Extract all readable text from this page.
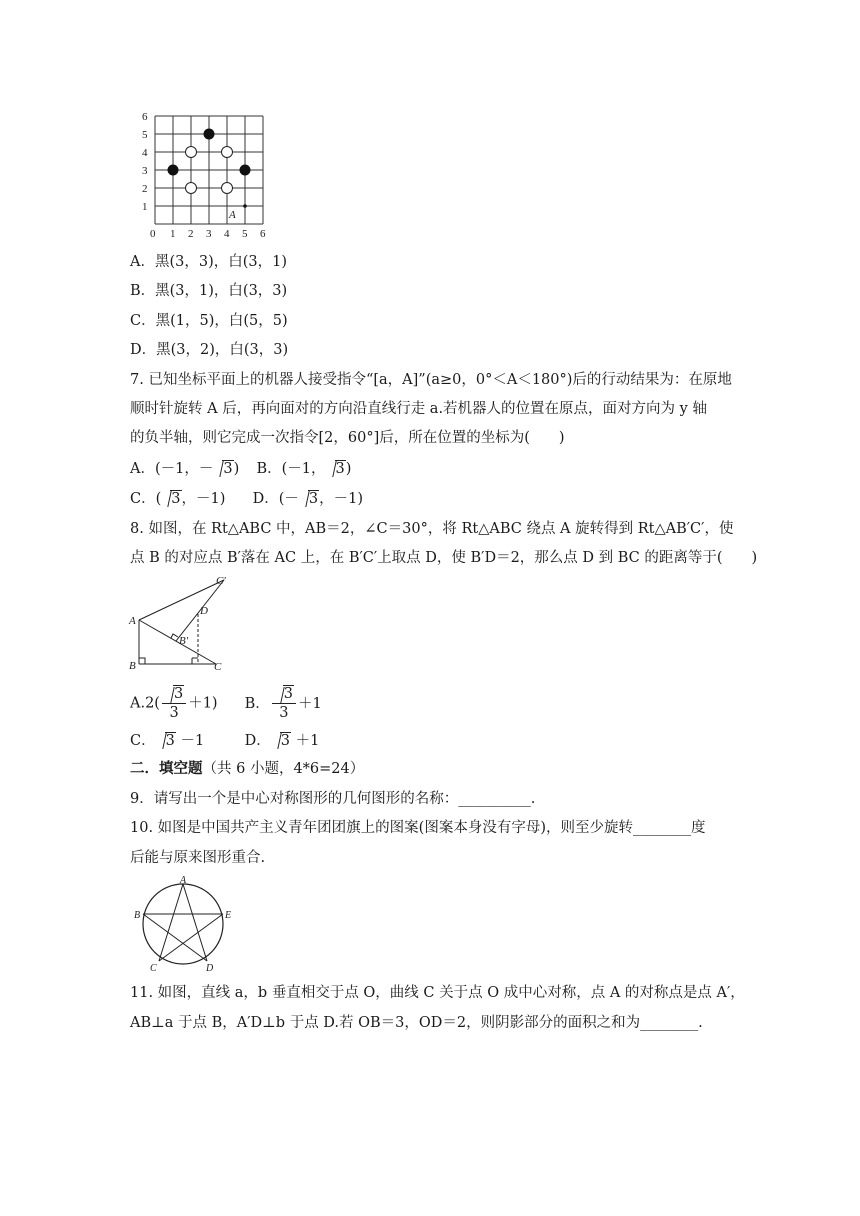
6
5
4
3
2
1
0 1 2 3 4 5 6
A
A．黑(3，3)，白(3，1)
B．黑(3，1)，白(3，3)
C．黑(1，5)，白(5，5)
D．黑(3，2)，白(3，3)
7. 已知坐标平面上的机器人接受指令“[a，A]”(a≥0，0°＜A＜180°)后的行动结果为：在原地
顺时针旋转 A 后，再向面对的方向沿直线行走 a.若机器人的位置在原点，面对方向为 y 轴
的负半轴，则它完成一次指令[2，60°]后，所在位置的坐标为(　　)
A．(－1，－ 3) B．(－1， 3)
C．( 3，－1) D．(－ 3，－1)
8. 如图，在 Rt△ABC 中，AB＝2，∠C＝30°，将 Rt△ABC 绕点 A 旋转得到 Rt△AB′C′，使
点 B 的对应点 B′落在 AC 上，在 B′C′上取点 D，使 B′D＝2，那么点 D 到 BC 的距离等于(　　)
C′
D
A
B′
B	C
$A.2( \frac{3}{3} +1)$ B． $\frac{3}{3} +1$
C． 3 －1	D． 3 ＋1
二．填空题（共 6 小题，4*6=24）
9．请写出一个是中心对称图形的几何图形的名称：__________.
10. 如图是中国共产主义青年团团旗上的图案(图案本身没有字母)，则至少旋转________度
后能与原来图形重合.
A
B	E
C	D
11. 如图，直线 a，b 垂直相交于点 O，曲线 C 关于点 O 成中心对称，点 A 的对称点是点 A′，
AB⊥a 于点 B，A′D⊥b 于点 D.若 OB＝3，OD＝2，则阴影部分的面积之和为________.
